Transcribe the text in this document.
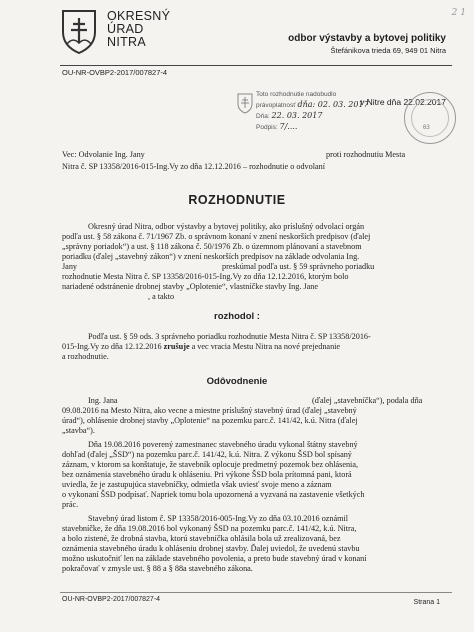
OKRESNÝ
ÚRAD
NITRA
2 1
odbor výstavby a bytovej politiky
Štefánikova trieda 69, 949 01 Nitra
OU-NR-OVBP2-2017/007827-4
v Nitre dňa 22.02.2017
Toto rozhodnutie nadobudlo
právoplatnosť dňa: 02. 03. 2017
Dňa: 22. 03. 2017
Podpis: 7/....	63
Vec: Odvolanie Ing. Jany	proti rozhodnutiu Mesta
Nitra č. SP 13358/2016-015-Ing.Vy zo dňa 12.12.2016 – rozhodnutie o odvolaní
ROZHODNUTIE
Okresný úrad Nitra, odbor výstavby a bytovej politiky, ako príslušný odvolací orgán
podľa ust. § 58 zákona č. 71/1967 Zb. o správnom konaní v znení neskorších predpisov (ďalej
„správny poriadok“) a ust. § 118 zákona č. 50/1976 Zb. o územnom plánovaní a stavebnom
poriadku (ďalej „stavebný zákon“) v znení neskorších predpisov na základe odvolania Ing.
Jany	preskúmal podľa ust. § 59 správneho poriadku
rozhodnutie Mesta Nitra č. SP 13358/2016-015-Ing.Vy zo dňa 12.12.2016, ktorým bolo
nariadené odstránenie drobnej stavby „Oplotenie“, vlastníčke stavby Ing. Jane
, a takto
rozhodol :
Podľa ust. § 59 ods. 3 správneho poriadku rozhodnutie Mesta Nitra č. SP 13358/2016-
015-Ing.Vy zo dňa 12.12.2016 zrušuje a vec vracia Mestu Nitra na nové prejednanie
a rozhodnutie.
Odôvodnenie
Ing. Jana	(ďalej „stavebníčka“), podala dňa
09.08.2016 na Mesto Nitra, ako vecne a miestne príslušný stavebný úrad (ďalej „stavebný
úrad“), ohlásenie drobnej stavby „Oplotenie“ na pozemku parc.č. 141/42, k.ú. Nitra (ďalej
„stavba“).
Dňa 19.08.2016 poverený zamestnanec stavebného úradu vykonal štátny stavebný
dohľad (ďalej „ŠSD“) na pozemku parc.č. 141/42, k.ú. Nitra. Z výkonu ŠSD bol spísaný
záznam, v ktorom sa konštatuje, že stavebník oplocuje predmetný pozemok bez ohlásenia,
bez oznámenia stavebného úradu k ohláseniu. Pri výkone ŠSD bola prítomná pani, ktorá
uviedla, že je zastupujúca stavebníčky, odmietla však uviesť svoje meno a záznam
o vykonaní ŠSD podpísať. Napriek tomu bola upozornená a vyzvaná na zastavenie všetkých
prác.
Stavebný úrad listom č. SP 13358/2016-005-Ing.Vy zo dňa 03.10.2016 oznámil
stavebníčke, že dňa 19.08.2016 bol vykonaný ŠSD na pozemku parc.č. 141/42, k.ú. Nitra,
a bolo zistené, že drobná stavba, ktorú stavebníčka ohlásila bola už zrealizovaná, bez
oznámenia stavebného úradu k ohláseniu drobnej stavby. Ďalej uviedol, že uvedenú stavbu
možno uskutočniť len na základe stavebného povolenia, a preto bude stavebný úrad v konaní
pokračovať v zmysle ust. § 88 a § 88a stavebného zákona.
OU-NR-OVBP2-2017/007827-4	Strana 1
